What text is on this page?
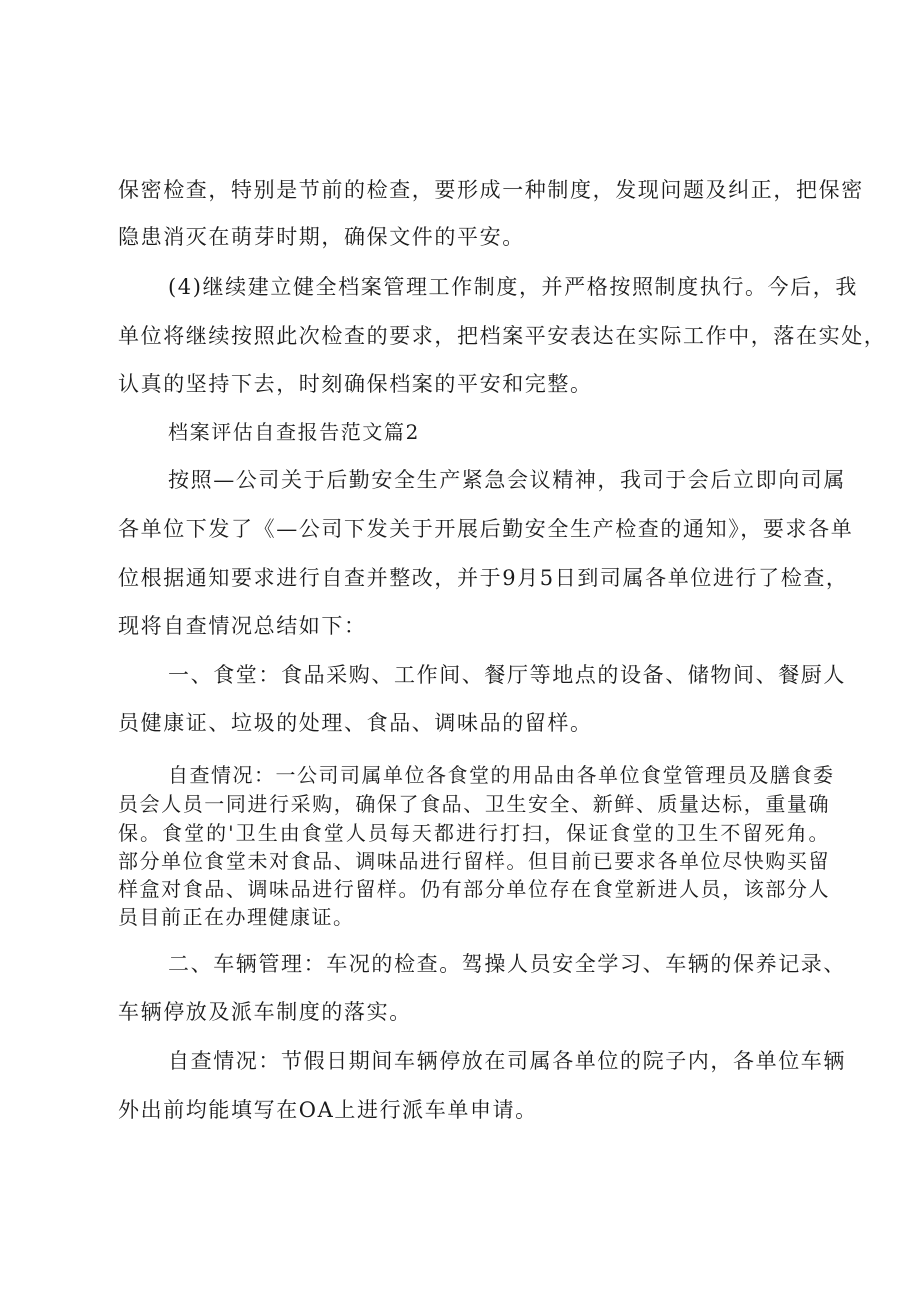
保密检查，特别是节前的检查，要形成一种制度，发现问题及纠正，把保密
隐患消灭在萌芽时期，确保文件的平安。
(4)继续建立健全档案管理工作制度，并严格按照制度执行。今后，我
单位将继续按照此次检查的要求，把档案平安表达在实际工作中，落在实处，
认真的坚持下去，时刻确保档案的平安和完整。
档案评估自查报告范文篇2
按照—公司关于后勤安全生产紧急会议精神，我司于会后立即向司属
各单位下发了《—公司下发关于开展后勤安全生产检查的通知》，要求各单
位根据通知要求进行自查并整改，并于9月5日到司属各单位进行了检查，
现将自查情况总结如下：
一、食堂：食品采购、工作间、餐厅等地点的设备、储物间、餐厨人
员健康证、垃圾的处理、食品、调味品的留样。
自查情况：一公司司属单位各食堂的用品由各单位食堂管理员及膳食委
员会人员一同进行采购，确保了食品、卫生安全、新鲜、质量达标，重量确
保。食堂的'卫生由食堂人员每天都进行打扫，保证食堂的卫生不留死角。
部分单位食堂未对食品、调味品进行留样。但目前已要求各单位尽快购买留
样盒对食品、调味品进行留样。仍有部分单位存在食堂新进人员，该部分人
员目前正在办理健康证。
二、车辆管理：车况的检查。驾操人员安全学习、车辆的保养记录、
车辆停放及派车制度的落实。
自查情况：节假日期间车辆停放在司属各单位的院子内，各单位车辆
外出前均能填写在OA上进行派车单申请。
